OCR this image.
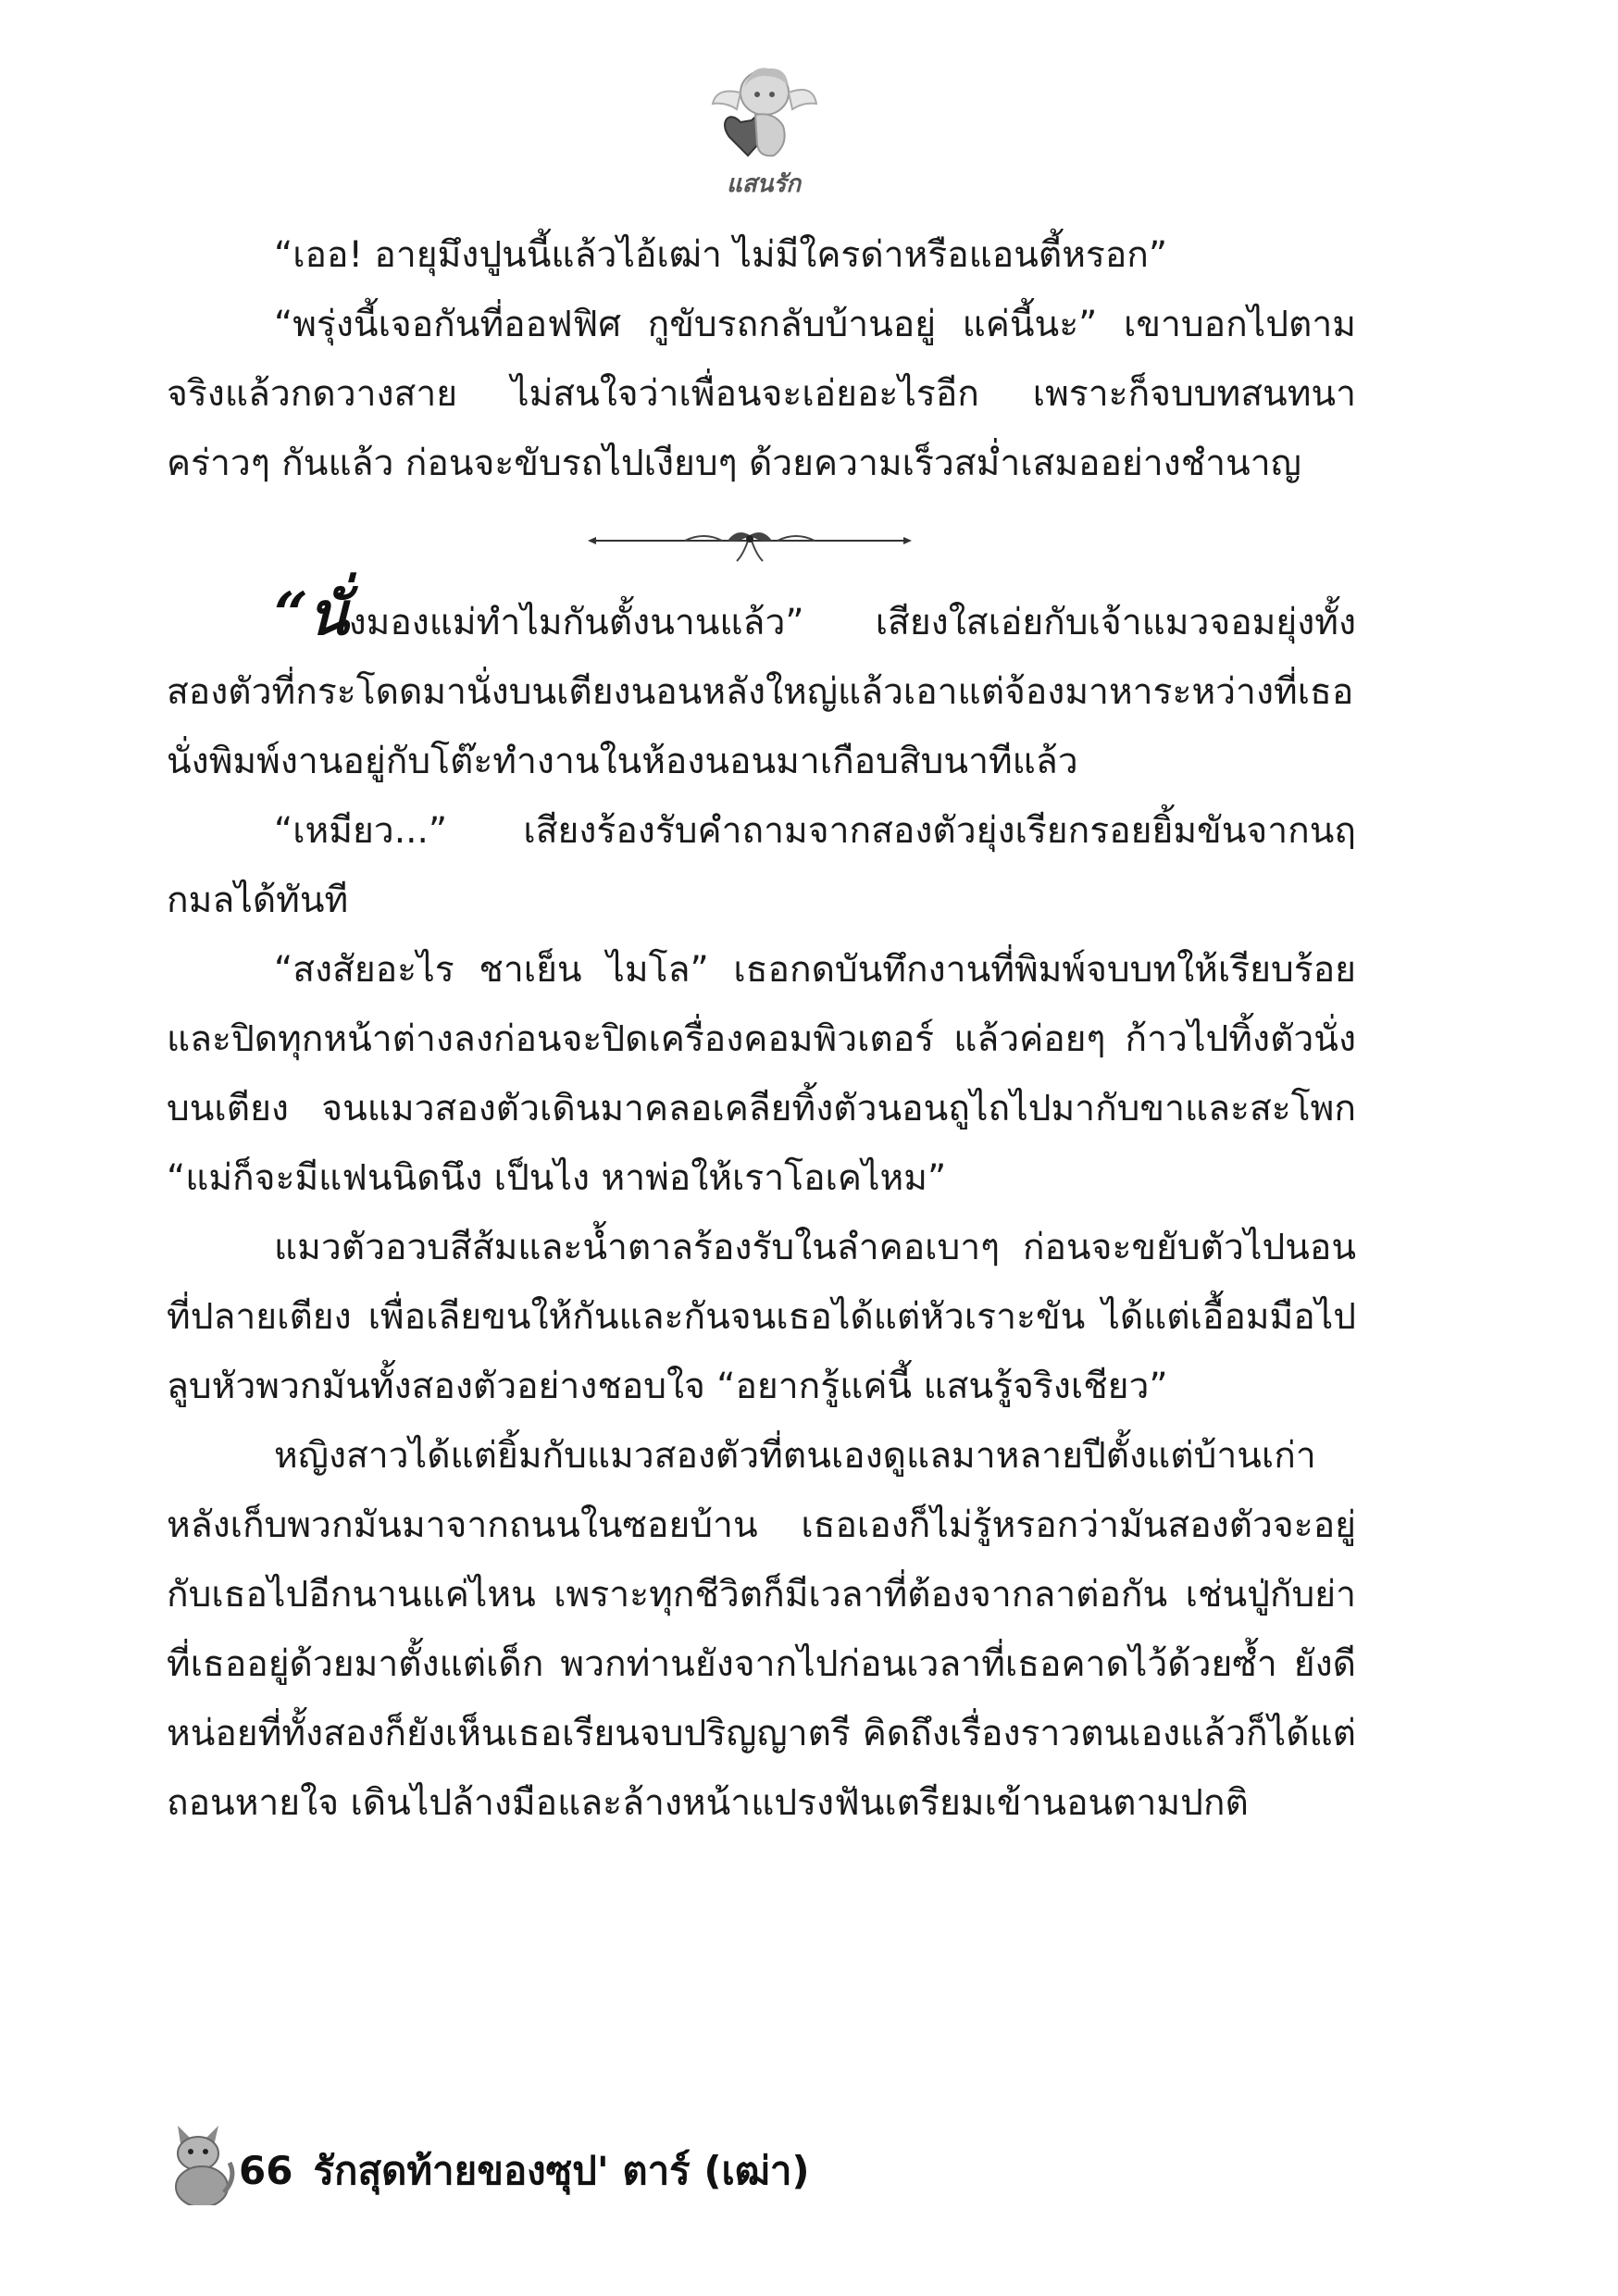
แสนรัก

“เออ! อายุมึงปูนนี้แล้วไอ้เฒ่า ไม่มีใครด่าหรือแอนตี้หรอก”

“พรุ่งนี้เจอกันที่ออฟฟิศ กูขับรถกลับบ้านอยู่ แค่นี้นะ” เขาบอกไปตามจริงแล้วกดวางสาย ไม่สนใจว่าเพื่อนจะเอ่ยอะไรอีก เพราะก็จบบทสนทนาคร่าวๆ กันแล้ว ก่อนจะขับรถไปเงียบๆ ด้วยความเร็วสม่ำเสมออย่างชำนาญ

“นั่งมองแม่ทำไมกันตั้งนานแล้ว” เสียงใสเอ่ยกับเจ้าแมวจอมยุ่งทั้งสองตัวที่กระโดดมานั่งบนเตียงนอนหลังใหญ่แล้วเอาแต่จ้องมาหาระหว่างที่เธอนั่งพิมพ์งานอยู่กับโต๊ะทำงานในห้องนอนมาเกือบสิบนาทีแล้ว

“เหมียว...” เสียงร้องรับคำถามจากสองตัวยุ่งเรียกรอยยิ้มขันจากนฤกมลได้ทันที

“สงสัยอะไร ชาเย็น ไมโล” เธอกดบันทึกงานที่พิมพ์จบบทให้เรียบร้อยและปิดทุกหน้าต่างลงก่อนจะปิดเครื่องคอมพิวเตอร์ แล้วค่อยๆ ก้าวไปทิ้งตัวนั่งบนเตียง จนแมวสองตัวเดินมาคลอเคลียทิ้งตัวนอนถูไถไปมากับขาและสะโพก “แม่ก็จะมีแฟนนิดนึง เป็นไง หาพ่อให้เราโอเคไหม”

แมวตัวอวบสีส้มและน้ำตาลร้องรับในลำคอเบาๆ ก่อนจะขยับตัวไปนอนที่ปลายเตียง เพื่อเลียขนให้กันและกันจนเธอได้แต่หัวเราะขัน ได้แต่เอื้อมมือไปลูบหัวพวกมันทั้งสองตัวอย่างชอบใจ “อยากรู้แค่นี้ แสนรู้จริงเชียว”

หญิงสาวได้แต่ยิ้มกับแมวสองตัวที่ตนเองดูแลมาหลายปีตั้งแต่บ้านเก่า หลังเก็บพวกมันมาจากถนนในซอยบ้าน เธอเองก็ไม่รู้หรอกว่ามันสองตัวจะอยู่กับเธอไปอีกนานแค่ไหน เพราะทุกชีวิตก็มีเวลาที่ต้องจากลาต่อกัน เช่นปู่กับย่าที่เธออยู่ด้วยมาตั้งแต่เด็ก พวกท่านยังจากไปก่อนเวลาที่เธอคาดไว้ด้วยซ้ำ ยังดีหน่อยที่ทั้งสองก็ยังเห็นเธอเรียนจบปริญญาตรี คิดถึงเรื่องราวตนเองแล้วก็ได้แต่ถอนหายใจ เดินไปล้างมือและล้างหน้าแปรงฟันเตรียมเข้านอนตามปกติ

66 รักสุดท้ายของซุป' ตาร์ (เฒ่า)
